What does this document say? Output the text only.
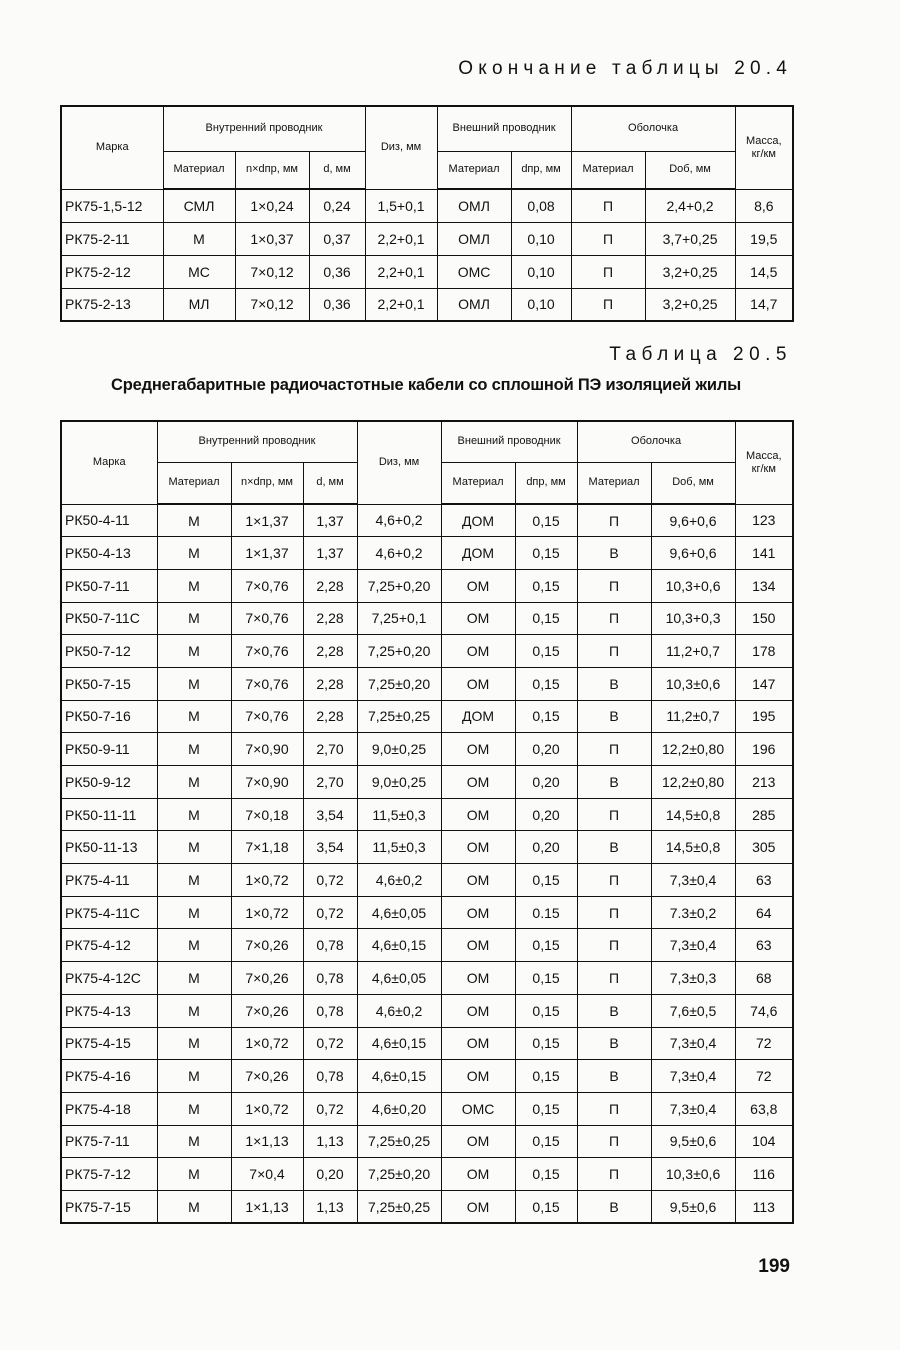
Окончание таблицы 20.4
Марка	Внутренний проводник			Dиз, мм	Внешний проводник		Оболочка		Масса, кг/км
	Материал	n×dпр, мм	d, мм		Материал	dпр, мм	Материал	Dоб, мм	
РК75-1,5-12	СМЛ	1×0,24	0,24	1,5+0,1	ОМЛ	0,08	П	2,4+0,2	8,6
РК75-2-11	М	1×0,37	0,37	2,2+0,1	ОМЛ	0,10	П	3,7+0,25	19,5
РК75-2-12	МС	7×0,12	0,36	2,2+0,1	ОМС	0,10	П	3,2+0,25	14,5
РК75-2-13	МЛ	7×0,12	0,36	2,2+0,1	ОМЛ	0,10	П	3,2+0,25	14,7
Таблица 20.5
Среднегабаритные радиочастотные кабели со сплошной ПЭ изоляцией жилы
Марка	Внутренний проводник			Dиз, мм	Внешний проводник		Оболочка		Масса, кг/км
	Материал	n×dпр, мм	d, мм		Материал	dпр, мм	Материал	Dоб, мм	
РК50-4-11	М	1×1,37	1,37	4,6+0,2	ДОМ	0,15	П	9,6+0,6	123
РК50-4-13	М	1×1,37	1,37	4,6+0,2	ДОМ	0,15	В	9,6+0,6	141
РК50-7-11	М	7×0,76	2,28	7,25+0,20	ОМ	0,15	П	10,3+0,6	134
РК50-7-11С	М	7×0,76	2,28	7,25+0,1	ОМ	0,15	П	10,3+0,3	150
РК50-7-12	М	7×0,76	2,28	7,25+0,20	ОМ	0,15	П	11,2+0,7	178
РК50-7-15	М	7×0,76	2,28	7,25±0,20	ОМ	0,15	В	10,3±0,6	147
РК50-7-16	М	7×0,76	2,28	7,25±0,25	ДОМ	0,15	В	11,2±0,7	195
РК50-9-11	М	7×0,90	2,70	9,0±0,25	ОМ	0,20	П	12,2±0,80	196
РК50-9-12	М	7×0,90	2,70	9,0±0,25	ОМ	0,20	В	12,2±0,80	213
РК50-11-11	М	7×0,18	3,54	11,5±0,3	ОМ	0,20	П	14,5±0,8	285
РК50-11-13	М	7×1,18	3,54	11,5±0,3	ОМ	0,20	В	14,5±0,8	305
РК75-4-11	М	1×0,72	0,72	4,6±0,2	ОМ	0,15	П	7,3±0,4	63
РК75-4-11С	М	1×0,72	0,72	4,6±0,05	ОМ	0.15	П	7.3±0,2	64
РК75-4-12	М	7×0,26	0,78	4,6±0,15	ОМ	0,15	П	7,3±0,4	63
РК75-4-12С	М	7×0,26	0,78	4,6±0,05	ОМ	0,15	П	7,3±0,3	68
РК75-4-13	М	7×0,26	0,78	4,6±0,2	ОМ	0,15	В	7,6±0,5	74,6
РК75-4-15	М	1×0,72	0,72	4,6±0,15	ОМ	0,15	В	7,3±0,4	72
РК75-4-16	М	7×0,26	0,78	4,6±0,15	ОМ	0,15	В	7,3±0,4	72
РК75-4-18	М	1×0,72	0,72	4,6±0,20	ОМС	0,15	П	7,3±0,4	63,8
РК75-7-11	М	1×1,13	1,13	7,25±0,25	ОМ	0,15	П	9,5±0,6	104
РК75-7-12	М	7×0,4	0,20	7,25±0,20	ОМ	0,15	П	10,3±0,6	116
РК75-7-15	М	1×1,13	1,13	7,25±0,25	ОМ	0,15	В	9,5±0,6	113
199
